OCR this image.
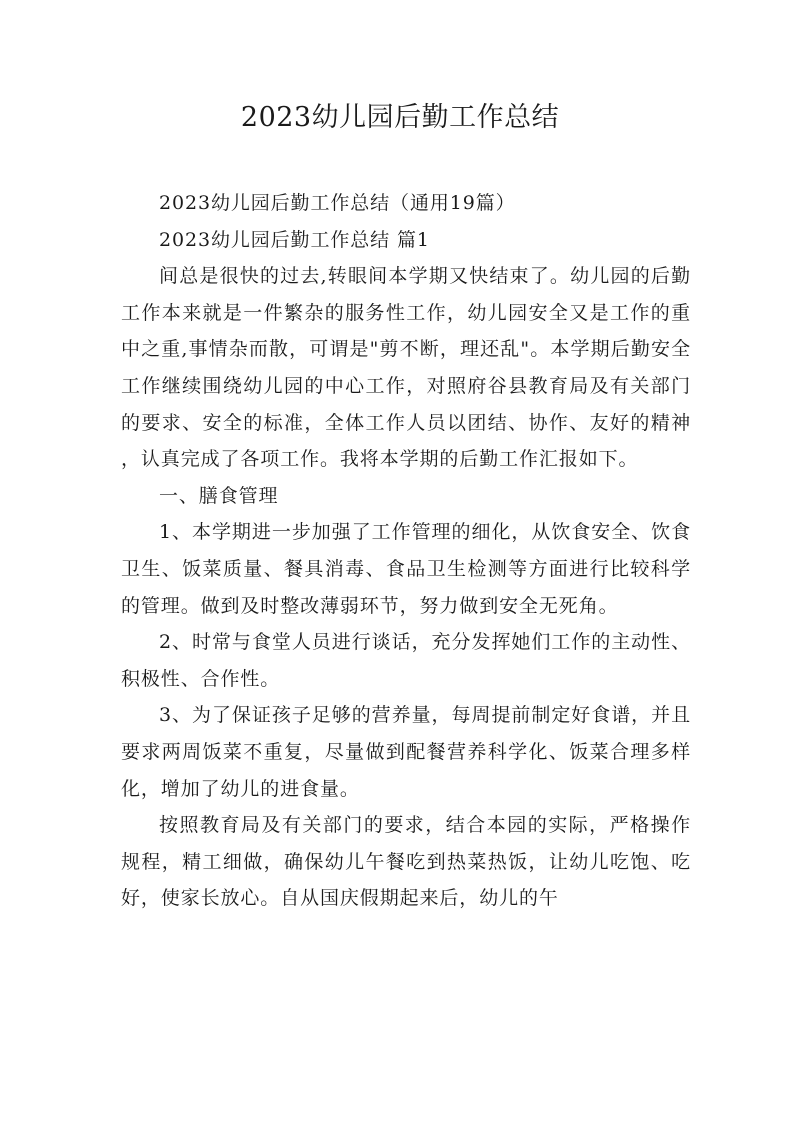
2023幼儿园后勤工作总结

2023幼儿园后勤工作总结（通用19篇）

2023幼儿园后勤工作总结 篇1

间总是很快的过去,转眼间本学期又快结束了。幼儿园的后勤工作本来就是一件繁杂的服务性工作，幼儿园安全又是工作的重中之重,事情杂而散，可谓是"剪不断，理还乱"。本学期后勤安全工作继续围绕幼儿园的中心工作，对照府谷县教育局及有关部门的要求、安全的标准，全体工作人员以团结、协作、友好的精神，认真完成了各项工作。我将本学期的后勤工作汇报如下。

一、膳食管理

1、本学期进一步加强了工作管理的细化，从饮食安全、饮食卫生、饭菜质量、餐具消毒、食品卫生检测等方面进行比较科学的管理。做到及时整改薄弱环节，努力做到安全无死角。

2、时常与食堂人员进行谈话，充分发挥她们工作的主动性、积极性、合作性。

3、为了保证孩子足够的营养量，每周提前制定好食谱，并且要求两周饭菜不重复，尽量做到配餐营养科学化、饭菜合理多样化，增加了幼儿的进食量。

按照教育局及有关部门的要求，结合本园的实际，严格操作规程，精工细做，确保幼儿午餐吃到热菜热饭，让幼儿吃饱、吃好，使家长放心。自从国庆假期起来后，幼儿的午
